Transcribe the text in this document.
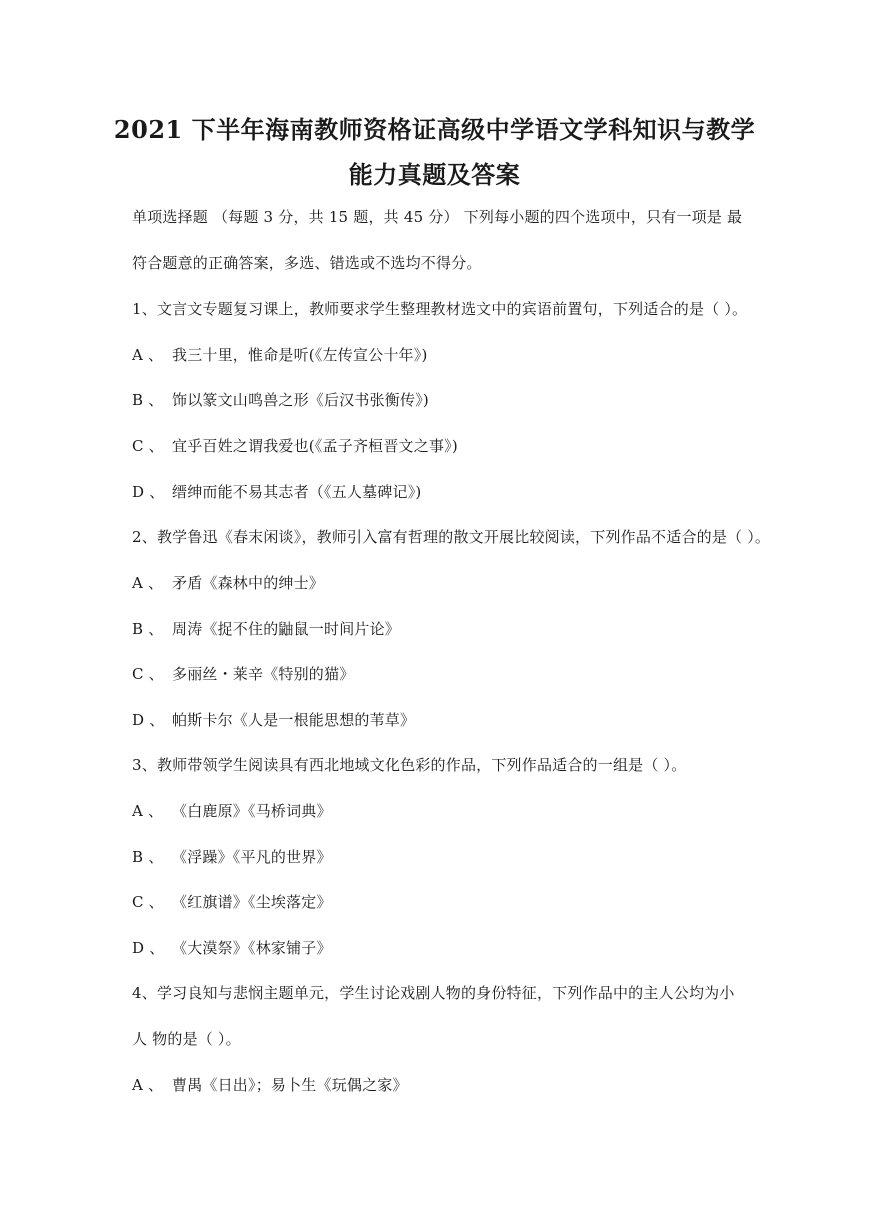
2021 下半年海南教师资格证高级中学语文学科知识与教学
能力真题及答案
单项选择题 （每题 3 分，共 15 题，共 45 分） 下列每小题的四个选项中，只有一项是 最
符合题意的正确答案，多选、错选或不选均不得分。
1、文言文专题复习课上，教师要求学生整理教材选文中的宾语前置句，下列适合的是（ ）。
A 、 我三十里，惟命是听(《左传宣公十年》)
B 、 饰以篆文山鸣兽之形《后汉书张衡传》)
C 、 宜乎百姓之谓我爱也(《孟子齐桓晋文之事》)
D 、 缙绅而能不易其志者（《五人墓碑记》)
2、教学鲁迅《春末闲谈》，教师引入富有哲理的散文开展比较阅读，下列作品不适合的是（ ）。
A 、 矛盾《森林中的绅士》
B 、 周涛《捉不住的鼬鼠一时间片论》
C 、 多丽丝・莱辛《特别的猫》
D 、 帕斯卡尔《人是一根能思想的苇草》
3、教师带领学生阅读具有西北地域文化色彩的作品，下列作品适合的一组是（ ）。
A 、 《白鹿原》《马桥词典》
B 、 《浮躁》《平凡的世界》
C 、 《红旗谱》《尘埃落定》
D 、 《大漠祭》《林家铺子》
4、学习良知与悲悯主题单元，学生讨论戏剧人物的身份特征，下列作品中的主人公均为小
人 物的是（ ）。
A 、 曹禺《日出》；易卜生《玩偶之家》
